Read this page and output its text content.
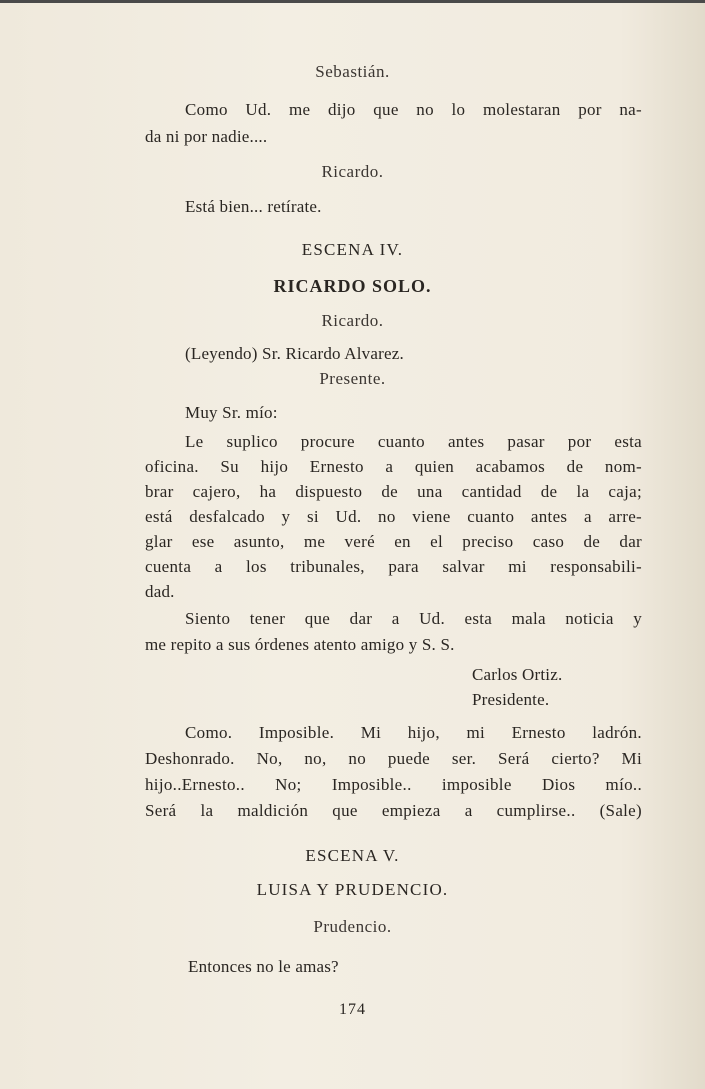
Sebastián.
Como Ud. me dijo que no lo molestaran por na-
da ni por nadie....
Ricardo.
Está bien... retírate.
ESCENA IV.
RICARDO SOLO.
Ricardo.
(Leyendo) Sr. Ricardo Alvarez.
Presente.
Muy Sr. mío:
Le suplico procure cuanto antes pasar por esta
oficina. Su hijo Ernesto a quien acabamos de nom-
brar cajero, ha dispuesto de una cantidad de la caja;
está desfalcado y si Ud. no viene cuanto antes a arre-
glar ese asunto, me veré en el preciso caso de dar
cuenta a los tribunales, para salvar mi responsabili-
dad.
Siento tener que dar a Ud. esta mala noticia y
me repito a sus órdenes atento amigo y S. S.
Carlos Ortiz.
Presidente.
Como. Imposible. Mi hijo, mi Ernesto ladrón.
Deshonrado. No, no, no puede ser. Será cierto? Mi
hijo..Ernesto.. No; Imposible.. imposible Dios mío..
Será la maldición que empieza a cumplirse.. (Sale)
ESCENA V.
LUISA Y PRUDENCIO.
Prudencio.
Entonces no le amas?
174
